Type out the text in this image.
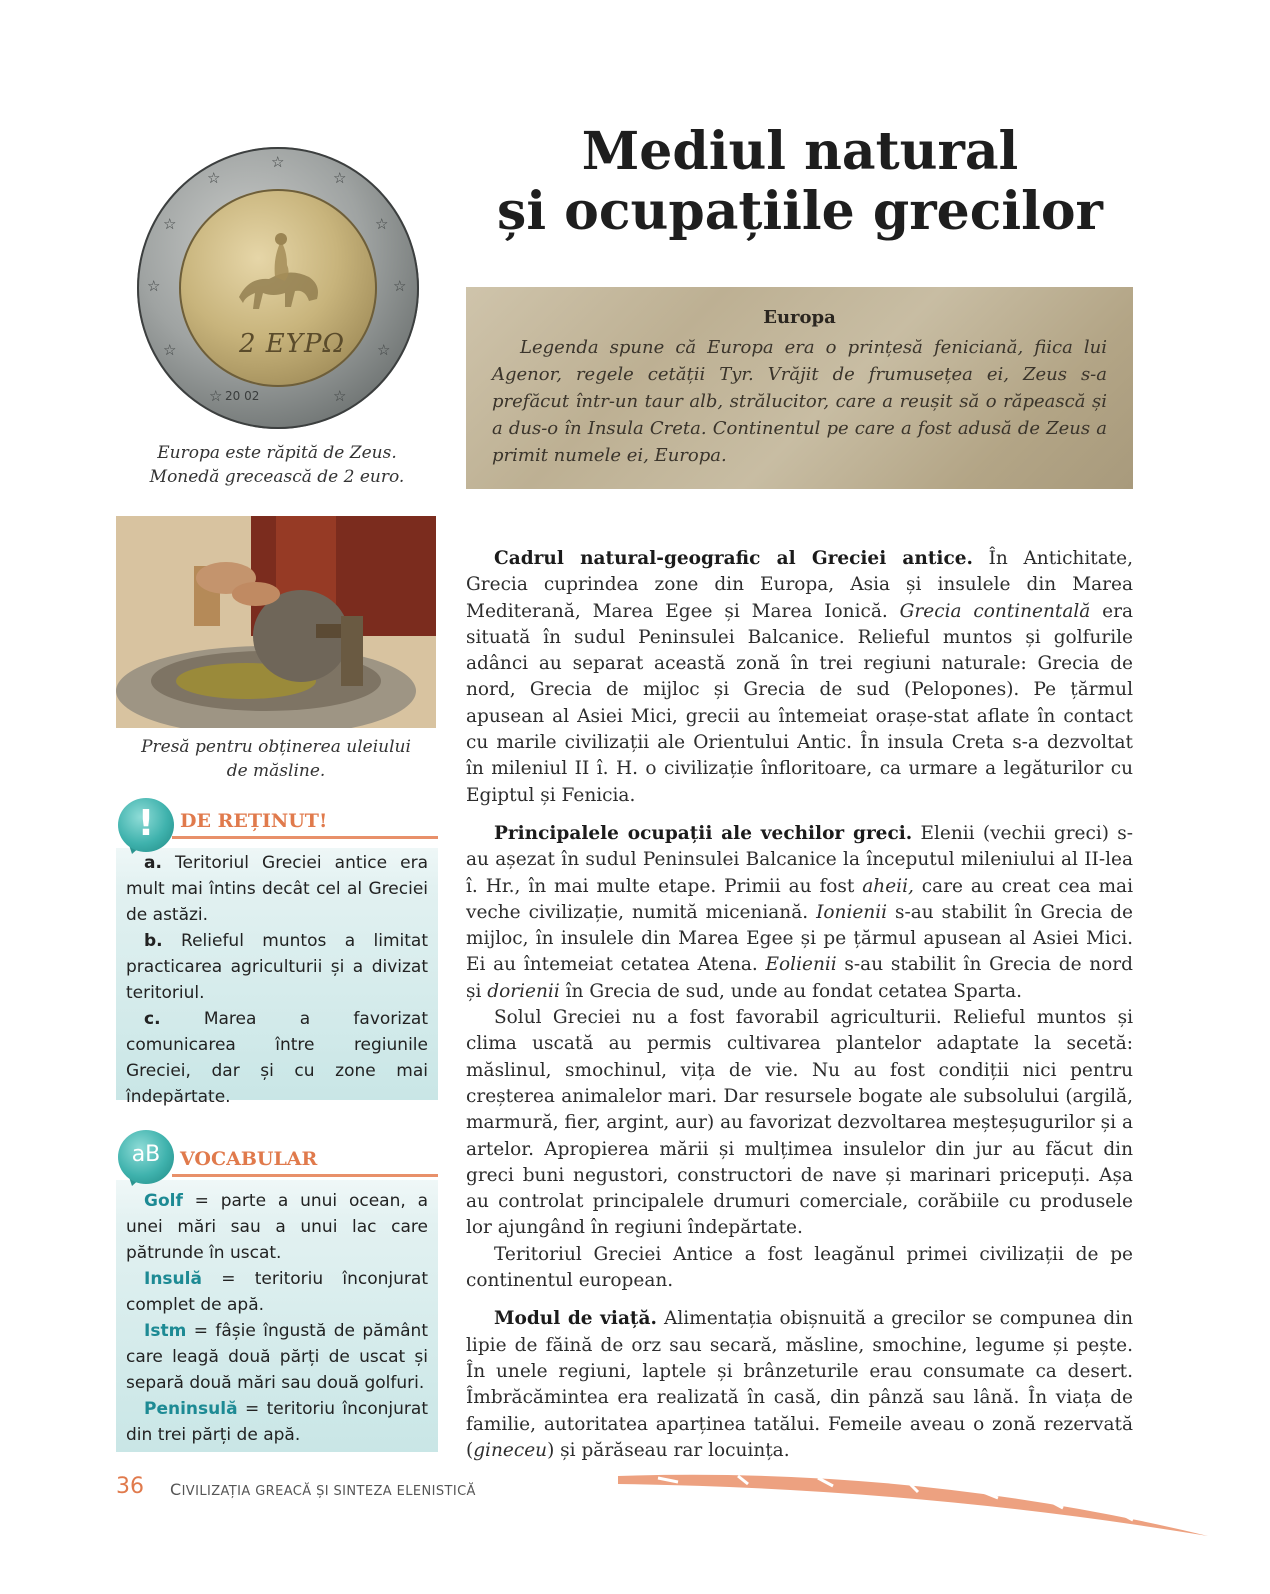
Mediul natural
și ocupațiile grecilor
☆
☆
☆
☆
☆
☆
☆
☆
☆
☆
☆
2 ΕΥΡΩ
20 02
Europa este răpită de Zeus.
Monedă grecească de 2 euro.
Europa

Legenda spune că Europa era o prințesă feniciană, fiica lui Agenor, regele cetății Tyr. Vrăjit de frumusețea ei, Zeus s-a prefăcut într-un taur alb, strălucitor, care a reușit să o răpească și a dus-o în Insula Creta. Continentul pe care a fost adusă de Zeus a primit numele ei, Europa.

Presă pentru obținerea uleiului
de măsline.
!	DE REȚINUT!

a. Teritoriul Greciei antice era mult mai întins decât cel al Greciei de astăzi.

b. Relieful muntos a limitat practicarea agriculturii și a divizat teritoriul.

c.	Marea a favorizat comunicarea între regiunile Greciei, dar și cu zone mai îndepărtate.

aB	VOCABULAR

Golf = parte a unui ocean, a unei mări sau a unui lac care pătrunde în uscat.

Insulă = teritoriu înconjurat complet de apă.

Istm = fâșie îngustă de pământ care leagă două părți de uscat și separă două mări sau două golfuri.

Peninsulă = teritoriu înconjurat din trei părți de apă.

Cadrul natural-geografic al Greciei antice. În Antichitate, Grecia cuprindea zone din Europa, Asia și insulele din Marea Mediterană, Marea Egee și Marea Ionică. Grecia continentală era situată în sudul Peninsulei Balcanice. Relieful muntos și golfurile adânci au separat această zonă în trei regiuni naturale: Grecia de nord, Grecia de mijloc și Grecia de sud (Pelopones). Pe țărmul apusean al Asiei Mici, grecii au întemeiat orașe-stat aflate în contact cu marile civilizații ale Orientului Antic. În insula Creta s-a dezvoltat în mileniul II î. H. o civilizație înfloritoare, ca urmare a legăturilor cu Egiptul și Fenicia.

Principalele ocupații ale vechilor greci. Elenii (vechii greci) s-au așezat în sudul Peninsulei Balcanice la începutul mileniului al II-lea î. Hr., în mai multe etape. Primii au fost aheii, care au creat cea mai veche civilizație, numită miceniană. Ionienii s-au stabilit în Grecia de mijloc, în insulele din Marea Egee și pe țărmul apusean al Asiei Mici. Ei au întemeiat cetatea Atena. Eolienii s-au stabilit în Grecia de nord și dorienii în Grecia de sud, unde au fondat cetatea Sparta.

Solul Greciei nu a fost favorabil agriculturii. Relieful muntos și clima uscată au permis cultivarea plantelor adaptate la secetă: măslinul, smochinul, vița de vie. Nu au fost condiții nici pentru creșterea animalelor mari. Dar resursele bogate ale subsolului (argilă, marmură, fier, argint, aur) au favorizat dezvoltarea meșteșugurilor și a artelor. Apropierea mării și mulțimea insulelor din jur au făcut din greci buni negustori, constructori de nave și marinari pricepuți. Așa au controlat principalele drumuri comerciale, corăbiile cu produsele lor ajungând în regiuni îndepărtate.

Teritoriul Greciei Antice a fost leagănul primei civilizații de pe continentul european.

Modul de viață. Alimentația obișnuită a grecilor se compunea din lipie de făină de orz sau secară, măsline, smochine, legume și pește. În unele regiuni, laptele și brânzeturile erau consumate ca desert. Îmbrăcămintea era realizată în casă, din pânză sau lână. În viața de familie, autoritatea aparținea tatălui. Femeile aveau o zonă rezervată (gineceu) și părăseau rar locuința.

36 CIVILIZAȚIA GREACĂ ȘI SINTEZA ELENISTICĂ
